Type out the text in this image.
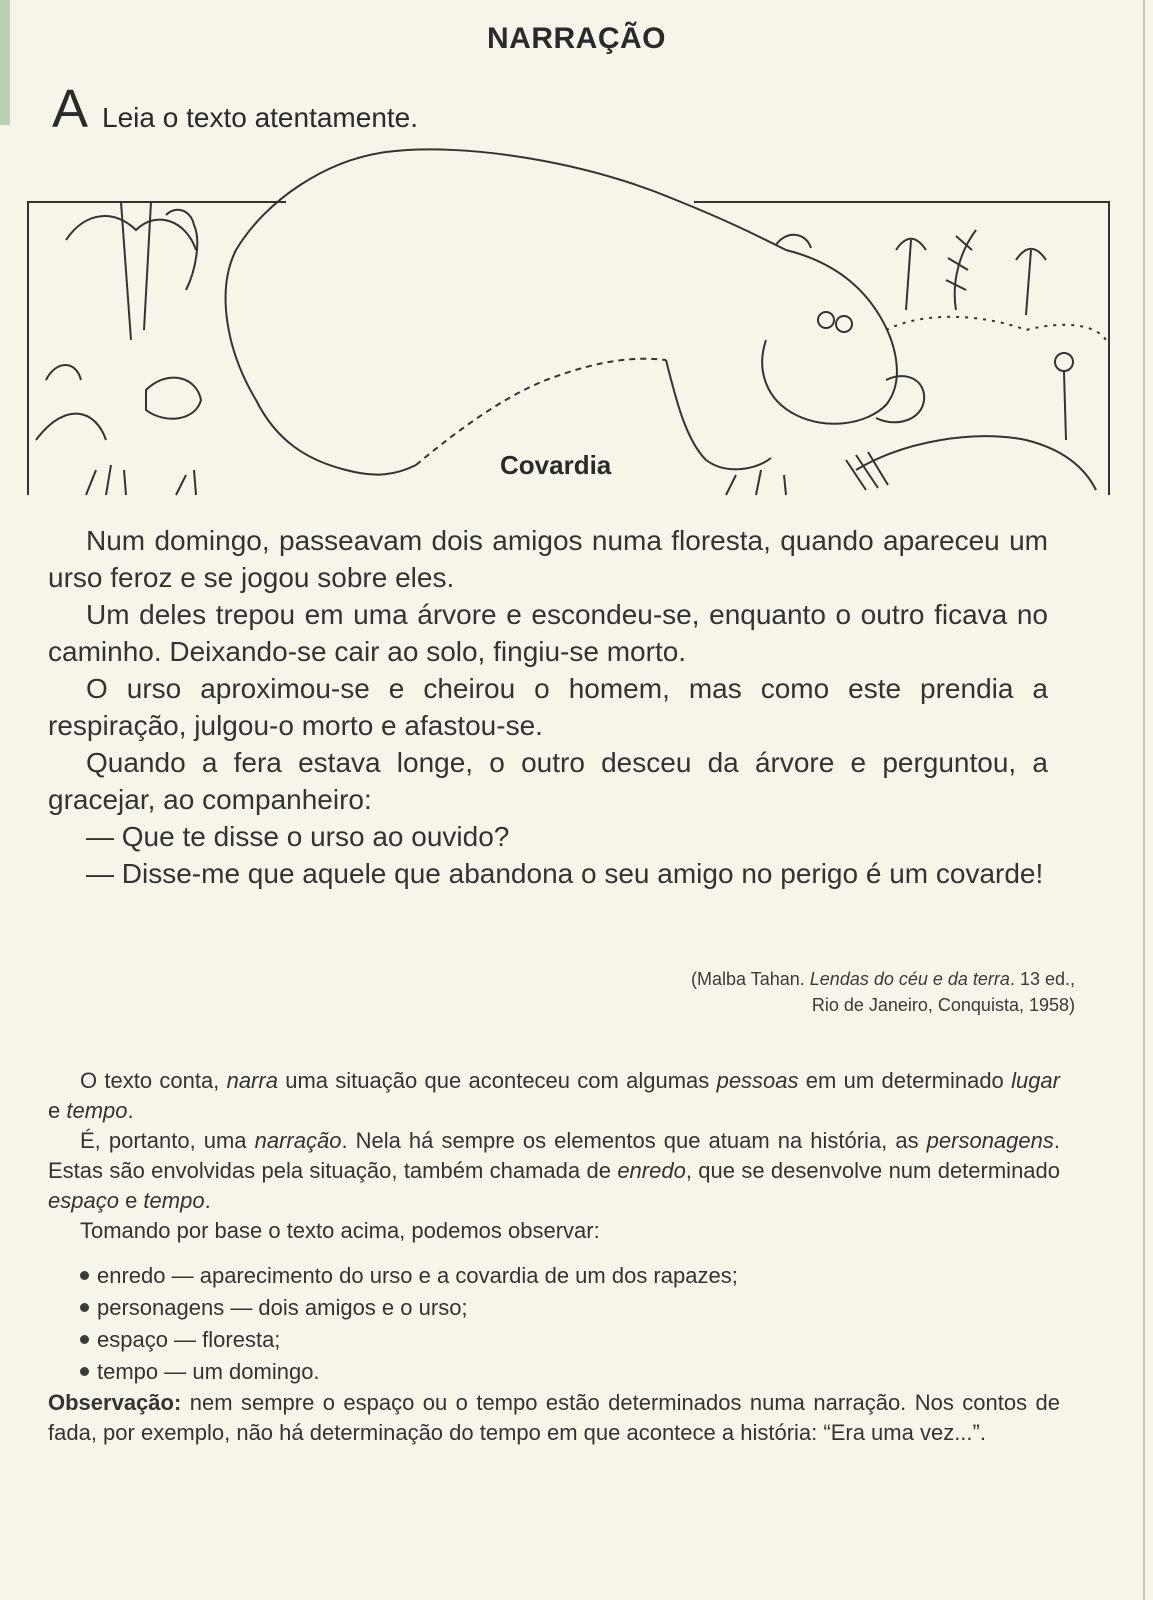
NARRAÇÃO
A Leia o texto atentamente.
Covardia

Num domingo, passeavam dois amigos numa floresta, quando apareceu um urso feroz e se jogou sobre eles.

Um deles trepou em uma árvore e escondeu-se, enquanto o outro ficava no caminho. Deixando-se cair ao solo, fingiu-se morto.

O urso aproximou-se e cheirou o homem, mas como este prendia a respiração, julgou-o morto e afastou-se.

Quando a fera estava longe, o outro desceu da árvore e perguntou, a gracejar, ao companheiro:

— Que te disse o urso ao ouvido?

— Disse-me que aquele que abandona o seu amigo no perigo é um covarde!

(Malba Tahan. Lendas do céu e da terra. 13 ed.,
Rio de Janeiro, Conquista, 1958)

O texto conta, narra uma situação que aconteceu com algumas pessoas em um determinado lugar e tempo.

É, portanto, uma narração. Nela há sempre os elementos que atuam na história, as personagens. Estas são envolvidas pela situação, também chamada de enredo, que se desenvolve num determinado espaço e tempo.

Tomando por base o texto acima, podemos observar:

enredo — aparecimento do urso e a covardia de um dos rapazes;
personagens — dois amigos e o urso;
espaço — floresta;
tempo — um domingo.

Observação: nem sempre o espaço ou o tempo estão determinados numa narração. Nos contos de fada, por exemplo, não há determinação do tempo em que acontece a história: “Era uma vez...”.
